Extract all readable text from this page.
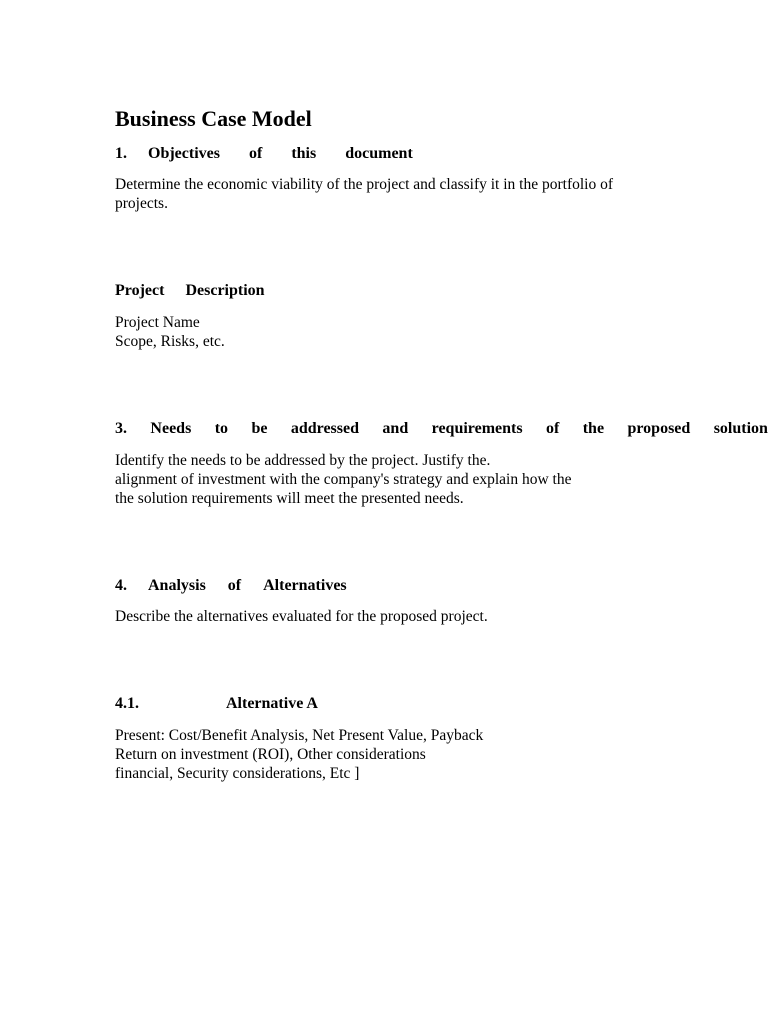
Business Case Model
1. Objectives of this document
Determine the economic viability of the project and classify it in the portfolio of
projects.
Project Description
Project Name
Scope, Risks, etc.
3. Needs to be addressed and requirements of the proposed solution
Identify the needs to be addressed by the project. Justify the.
alignment of investment with the company's strategy and explain how the
the solution requirements will meet the presented needs.
4. Analysis of Alternatives
Describe the alternatives evaluated for the proposed project.
4.1.	Alternative A
Present: Cost/Benefit Analysis, Net Present Value, Payback
Return on investment (ROI), Other considerations
financial, Security considerations, Etc ]
